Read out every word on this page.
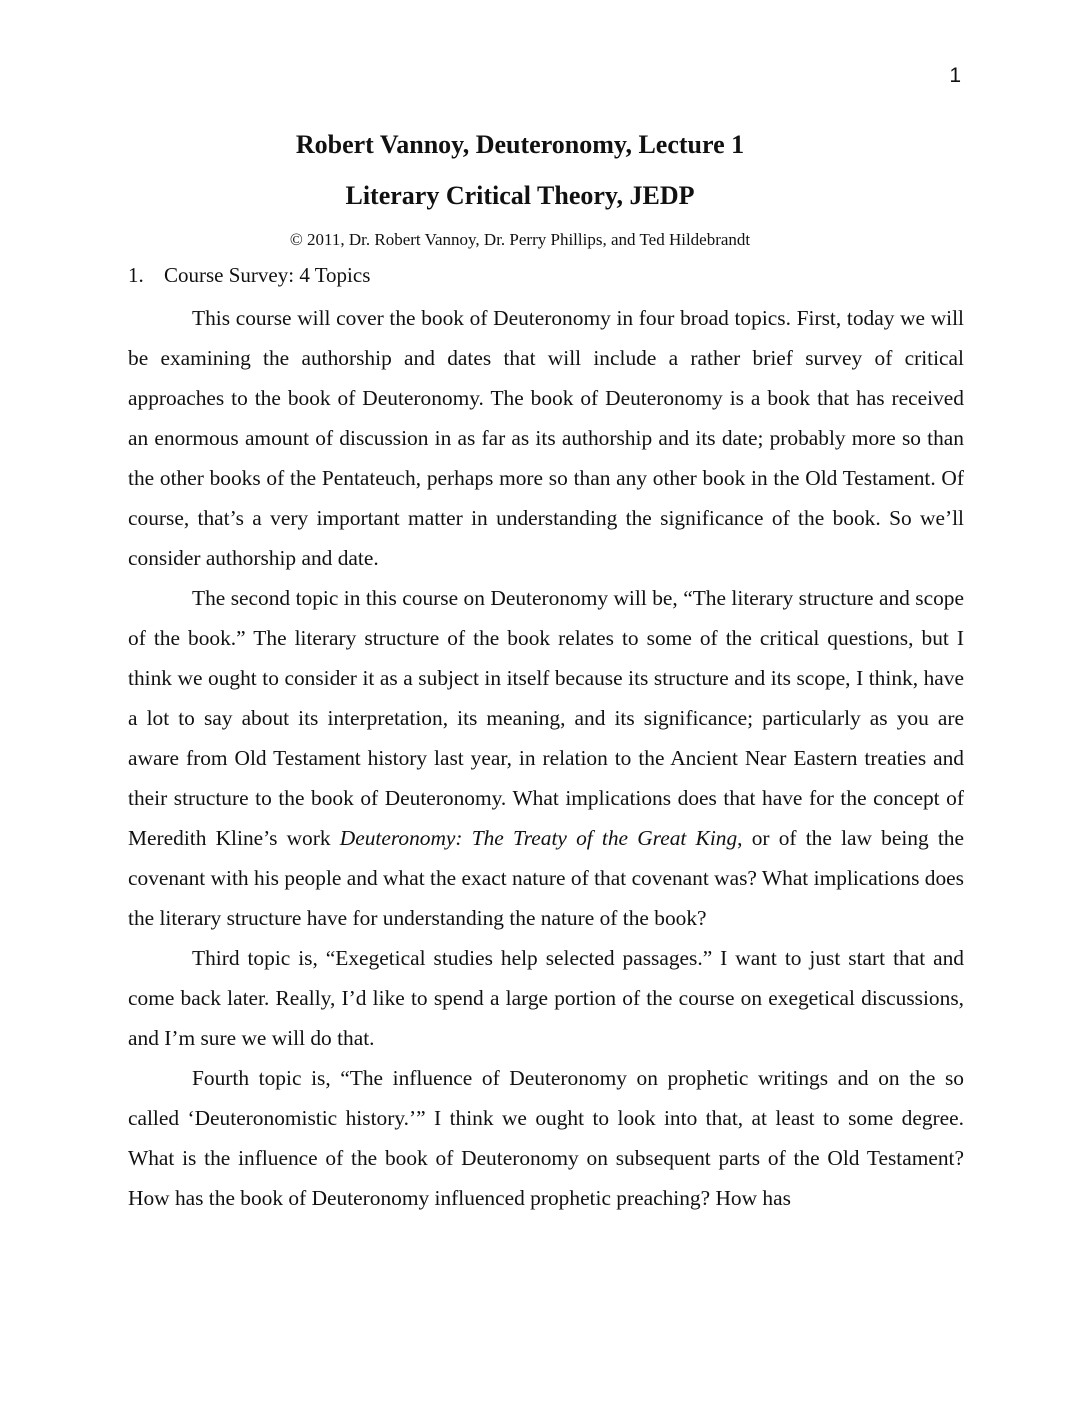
1
Robert Vannoy, Deuteronomy, Lecture 1
Literary Critical Theory, JEDP
© 2011, Dr. Robert Vannoy, Dr. Perry Phillips, and Ted Hildebrandt
1. Course Survey: 4 Topics

This course will cover the book of Deuteronomy in four broad topics. First, today we will be examining the authorship and dates that will include a rather brief survey of critical approaches to the book of Deuteronomy. The book of Deuteronomy is a book that has received an enormous amount of discussion in as far as its authorship and its date; probably more so than the other books of the Pentateuch, perhaps more so than any other book in the Old Testament. Of course, that’s a very important matter in understanding the significance of the book. So we’ll consider authorship and date.

The second topic in this course on Deuteronomy will be, “The literary structure and scope of the book.” The literary structure of the book relates to some of the critical questions, but I think we ought to consider it as a subject in itself because its structure and its scope, I think, have a lot to say about its interpretation, its meaning, and its significance; particularly as you are aware from Old Testament history last year, in relation to the Ancient Near Eastern treaties and their structure to the book of Deuteronomy. What implications does that have for the concept of Meredith Kline’s work Deuteronomy: The Treaty of the Great King, or of the law being the covenant with his people and what the exact nature of that covenant was? What implications does the literary structure have for understanding the nature of the book?

Third topic is, “Exegetical studies help selected passages.” I want to just start that and come back later. Really, I’d like to spend a large portion of the course on exegetical discussions, and I’m sure we will do that.

Fourth topic is, “The influence of Deuteronomy on prophetic writings and on the so called ‘Deuteronomistic history.’” I think we ought to look into that, at least to some degree. What is the influence of the book of Deuteronomy on subsequent parts of the Old Testament? How has the book of Deuteronomy influenced prophetic preaching? How has
